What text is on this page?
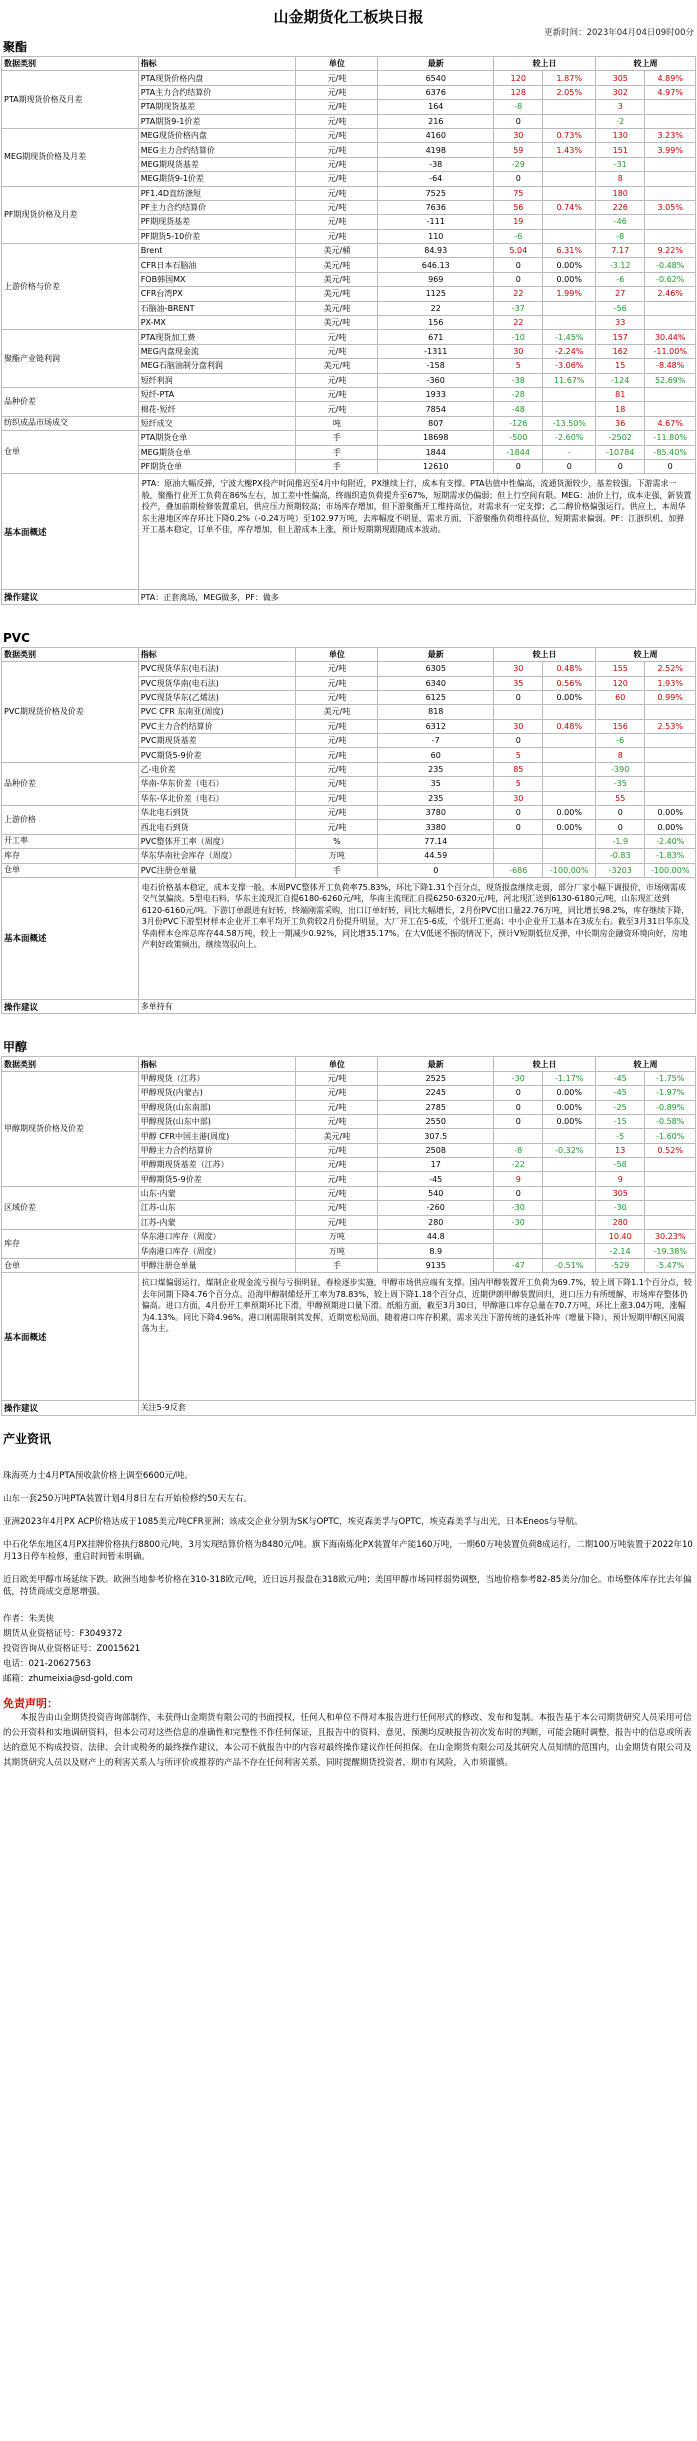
山金期货化工板块日报
更新时间：2023年04月04日09时00分
聚酯
数据类别	指标	单位	最新	较上日		较上周	
PTA期现货价格及月差	PTA现货价格内盘	元/吨	6540	120	1.87%	305	4.89%
	PTA主力合约结算价	元/吨	6376	128	2.05%	302	4.97%
	PTA期现货基差	元/吨	164	-8		3	
	PTA期货9-1价差	元/吨	216	0		-2	
MEG期现货价格及月差	MEG现货价格内盘	元/吨	4160	30	0.73%	130	3.23%
	MEG主力合约结算价	元/吨	4198	59	1.43%	151	3.99%
	MEG期现货基差	元/吨	-38	-29		-31	
	MEG期货9-1价差	元/吨	-64	0		8	
PF期现货价格及月差	PF1.4D直纺涤短	元/吨	7525	75		180	
	PF主力合约结算价	元/吨	7636	56	0.74%	226	3.05%
	PF期现货基差	元/吨	-111	19		-46	
	PF期货5-10价差	元/吨	110	-6		-8	
上游价格与价差	Brent	美元/桶	84.93	5.04	6.31%	7.17	9.22%
	CFR日本石脑油	美元/吨	646.13	0	0.00%	-3.12	-0.48%
	FOB韩国MX	美元/吨	969	0	0.00%	-6	-0.62%
	CFR台湾PX	美元/吨	1125	22	1.99%	27	2.46%
	石脑油-BRENT	美元/吨	22	-37		-56	
	PX-MX	美元/吨	156	22		33	
聚酯产业链利润	PTA现货加工费	元/吨	671	-10	-1.45%	157	30.44%
	MEG内盘现金流	元/吨	-1311	30	-2.24%	162	-11.00%
	MEG石脑油制分盘利润	美元/吨	-158	5	-3.06%	15	-8.48%
	短纤利润	元/吨	-360	-38	11.67%	-124	52.69%
品种价差	短纤-PTA	元/吨	1933	-28		81	
	棉花-短纤	元/吨	7854	-48		18	
纺织成品市场成交	短纤成交	吨	807	-126	-13.50%	36	4.67%
仓单	PTA期货仓单	手	18698	-500	-2.60%	-2502	-11.80%
	MEG期货仓单	手	1844	-1844	-	-10784	-85.40%
	PF期货仓单	手	12610	0	0	0	0
基本面概述	PTA：原油大幅反弹，宁波大榭PX投产时间推迟至4月中旬附近，PX继续上行，成本有支撑。PTA估值中性偏高，流通货源较少，基差较强。下游需求一般，聚酯行业开工负荷在86%左右，加工差中性偏高，终端织造负荷提升至67%，短期需求仍偏弱；但上行空间有限。MEG：油价上行，成本走强，新装置投产，叠加前期检修装置重启，供应压力预期较高；市场库存增加，但下游聚酯开工维持高位，对需求有一定支撑；乙二醇价格偏强运行。供应上，本周华东主港地区库存环比下降0.2%（-0.24万吨）至102.97万吨，去库幅度不明显，需求方面，下游聚酯负荷维持高位，短期需求偏弱。PF：江浙织机、加弹开工基本稳定，订单不佳，库存增加，但上游成本上涨，预计短期期现跟随成本波动。						
操作建议	PTA：正套离场，MEG做多，PF：做多						
PVC
数据类别	指标	单位	最新	较上日		较上周	
PVC期现货价格及价差	PVC现货华东(电石法)	元/吨	6305	30	0.48%	155	2.52%
	PVC现货华南(电石法)	元/吨	6340	35	0.56%	120	1.93%
	PVC现货华东(乙烯法)	元/吨	6125	0	0.00%	60	0.99%
	PVC CFR 东南亚(周度)	美元/吨	818				
	PVC主力合约结算价	元/吨	6312	30	0.48%	156	2.53%
	PVC期现货基差	元/吨	-7	0		-6	
	PVC期货5-9价差	元/吨	60	5		8	
品种价差	乙-电价差	元/吨	235	85		-390	
	华南-华东价差（电石）	元/吨	35	5		-35	
	华东-华北价差（电石）	元/吨	235	30		55	
上游价格	华北电石到货	元/吨	3780	0	0.00%	0	0.00%
	西北电石到货	元/吨	3380	0	0.00%	0	0.00%
开工率	PVC整体开工率（周度）	%	77.14			-1.9	-2.40%
库存	华东华南社会库存（周度）	万吨	44.59			-0.83	-1.83%
仓单	PVC注册仓单量	手	0	-686	-100.00%	-3203	-100.00%
基本面概述	电石价格基本稳定，成本支撑一般。本周PVC整体开工负荷率75.83%，环比下降1.31个百分点，现货报盘继续走弱，部分厂家小幅下调报价，市场刚需成交气氛偏淡。5型电石料，华东主流现汇自提6180-6260元/吨，华南主流现汇自提6250-6320元/吨，河北现汇送到6130-6180元/吨，山东现汇送到6120-6160元/吨。下游订单跟进有好转，终端刚需采购，出口订单好转，同比大幅增长，2月份PVC出口量22.76万吨，同比增长98.2%，库存继续下降，3月份PVC下游型材样本企业开工率平均开工负荷较2月份提升明显，大厂开工在5-6成，个别开工更高；中小企业开工基本在3成左右。截至3月31日华东及华南样本仓库总库存44.58万吨，较上一期减少0.92%，同比增35.17%。在大V低迷不振的情况下，预计V短期低位反弹，中长期房企融资环境向好，房地产利好政策频出，继续驾驭向上。						
操作建议	多单持有						
甲醇
数据类别	指标	单位	最新	较上日		较上周	
甲醇期现货价格及价差	甲醇现货（江苏）	元/吨	2525	-30	-1.17%	-45	-1.75%
	甲醇现货(内蒙古)	元/吨	2245	0	0.00%	-45	-1.97%
	甲醇现货(山东南部)	元/吨	2785	0	0.00%	-25	-0.89%
	甲醇现货(山东中部)	元/吨	2550	0	0.00%	-15	-0.58%
	甲醇 CFR中国主港(周度)	美元/吨	307.5			-5	-1.60%
	甲醇主力合约结算价	元/吨	2508	-8	-0.32%	13	0.52%
	甲醇期现货基差（江苏）	元/吨	17	-22		-58	
	甲醇期货5-9价差	元/吨	-45	9		9	
区域价差	山东-内蒙	元/吨	540	0		305	
	江苏-山东	元/吨	-260	-30		-30	
	江苏-内蒙	元/吨	280	-30		280	
库存	华东港口库存（周度）	万吨	44.8			10.40	30.23%
	华南港口库存（周度）	万吨	8.9			-2.14	-19.38%
仓单	甲醇注册仓单量	手	9135	-47	-0.51%	-529	-5.47%
基本面概述	抗口煤偏弱运行，煤制企业现金流亏损与亏损明显，春检逐步实施，甲醇市场供应端有支撑。国内甲醇装置开工负荷为69.7%，较上周下降1.1个百分点，较去年同期下降4.76个百分点。沿海甲醇制烯烃开工率为78.83%，较上周下降1.18个百分点，近期伊朗甲醇装置回归，进口压力有所缓解，市场库存整体仍偏高。进口方面，4月份开工率预期环比下滑，甲醇预期进口量下滑。纸船方面，截至3月30日，甲醇港口库存总量在70.7万吨，环比上涨3.04万吨，涨幅为4.13%。同比下降4.96%。港口刚需限制其发挥，近期宽松局面，随着港口库存积累，需求关注下游传统的逢低补库（增量下降），预计短期甲醇区间震荡为主。						
操作建议	关注5-9反套						
产业资讯

珠海英力士4月PTA预收款价格上调至6600元/吨。

山东一套250万吨PTA装置计划4月8日左右开始检修约50天左右。

亚洲2023年4月PX ACP价格达成于1085美元/吨CFR亚洲；该成交企业分别为SK与OPTC，埃克森美孚与OPTC，埃克森美孚与出光，日本Eneos与导航。

中石化华东地区4月PX挂牌价格执行8800元/吨，3月实现结算价格为8480元/吨。旗下海南炼化PX装置年产能160万吨，一期60万吨装置负荷8成运行，二期100万吨装置于2022年10月13日停车检修，重启时间暂未明确。

近日欧美甲醇市场延续下跌。欧洲当地参考价格在310-318欧元/吨，近日远月报盘在318欧元/吨；美国甲醇市场同样弱势调整，当地价格参考82-85美分/加仑。市场整体库存比去年偏低，持货商成交意愿增强。

作者：朱美侠
期货从业资格证号：F3049372
投资咨询从业资格证号：Z0015621
电话：021-20627563
邮箱：zhumeixia@sd-gold.com
免责声明：
本报告由山金期货投资咨询部制作，未获得山金期货有限公司的书面授权，任何人和单位不得对本报告进行任何形式的修改、发布和复制。本报告基于本公司期货研究人员采用可信的公开资料和实地调研资料，但本公司对这些信息的准确性和完整性不作任何保证，且报告中的资料、意见、预测均反映报告初次发布时的判断，可能会随时调整，报告中的信息或所表达的意见不构成投资、法律、会计或税务的最终操作建议，本公司不就报告中的内容对最终操作建议作任何担保。在山金期货有限公司及其研究人员知情的范围内，山金期货有限公司及其期货研究人员以及财产上的利害关系人与所评价或推荐的产品不存在任何利害关系，同时提醒期货投资者，期市有风险，入市须谨慎。
